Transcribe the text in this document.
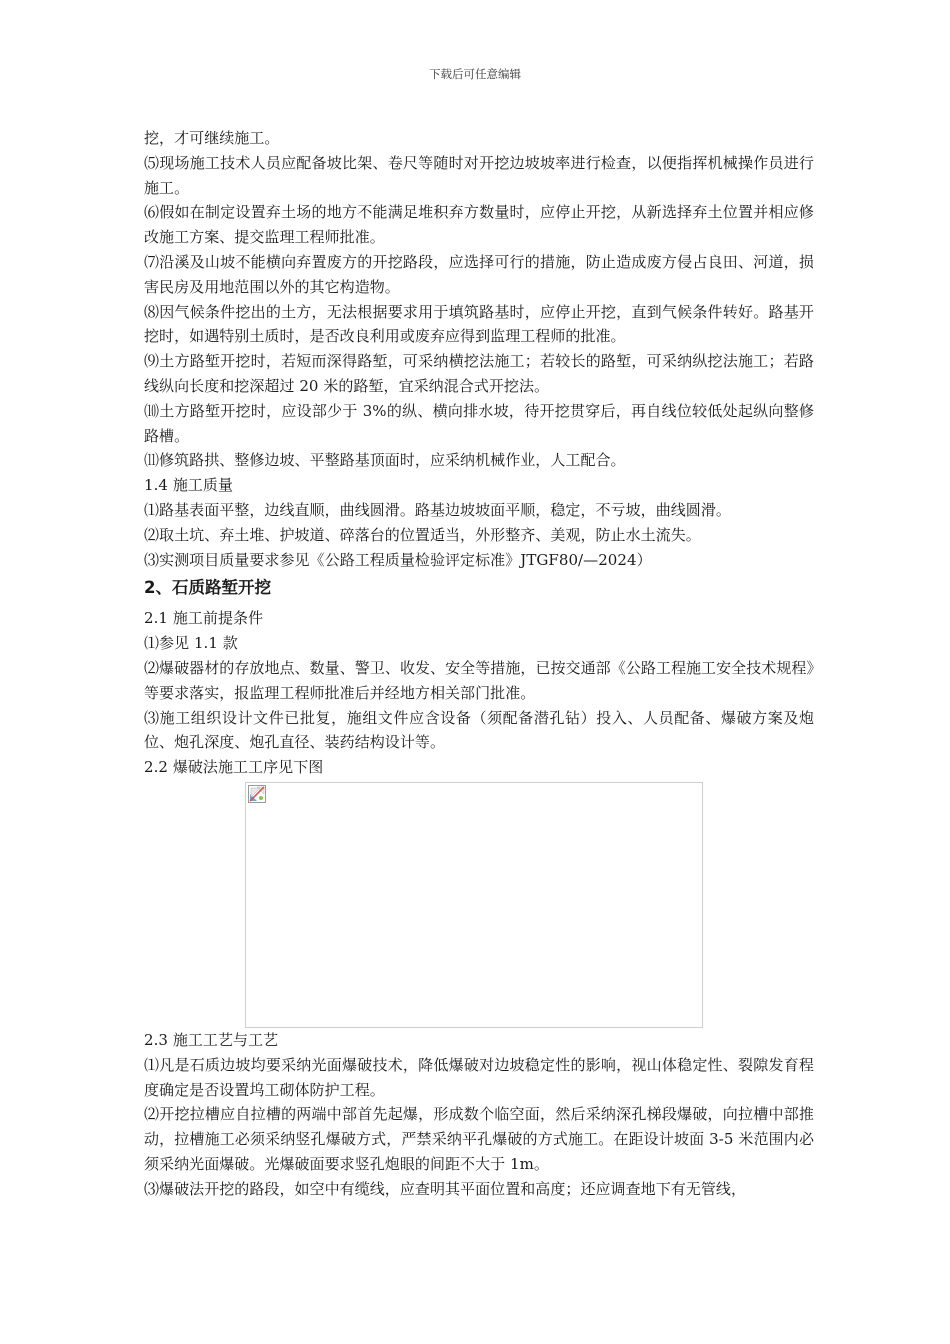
下载后可任意编辑

挖，才可继续施工。

⑸现场施工技术人员应配备坡比架、卷尺等随时对开挖边坡坡率进行检查，以便指挥机械操作员进行施工。

⑹假如在制定设置弃土场的地方不能满足堆积弃方数量时，应停止开挖，从新选择弃土位置并相应修改施工方案、提交监理工程师批准。

⑺沿溪及山坡不能横向弃置废方的开挖路段，应选择可行的措施，防止造成废方侵占良田、河道，损害民房及用地范围以外的其它构造物。

⑻因气候条件挖出的土方，无法根据要求用于填筑路基时，应停止开挖，直到气候条件转好。路基开挖时，如遇特别土质时，是否改良利用或废弃应得到监理工程师的批准。

⑼土方路堑开挖时，若短而深得路堑，可采纳横挖法施工；若较长的路堑，可采纳纵挖法施工；若路线纵向长度和挖深超过 20 米的路堑，宜采纳混合式开挖法。

⑽土方路堑开挖时，应设部少于 3%的纵、横向排水坡，待开挖贯穿后，再自线位较低处起纵向整修路槽。

⑾修筑路拱、整修边坡、平整路基顶面时，应采纳机械作业，人工配合。

1.4 施工质量

⑴路基表面平整，边线直顺，曲线圆滑。路基边坡坡面平顺，稳定，不亏坡，曲线圆滑。

⑵取土坑、弃土堆、护坡道、碎落台的位置适当，外形整齐、美观，防止水土流失。

⑶实测项目质量要求参见《公路工程质量检验评定标准》JTGF80/—2024）

2、石质路堑开挖

2.1 施工前提条件

⑴参见 1.1 款

⑵爆破器材的存放地点、数量、警卫、收发、安全等措施，已按交通部《公路工程施工安全技术规程》等要求落实，报监理工程师批准后并经地方相关部门批准。

⑶施工组织设计文件已批复，施组文件应含设备（须配备潜孔钻）投入、人员配备、爆破方案及炮位、炮孔深度、炮孔直径、装药结构设计等。

2.2 爆破法施工工序见下图

2.3 施工工艺与工艺

⑴凡是石质边坡均要采纳光面爆破技术，降低爆破对边坡稳定性的影响，视山体稳定性、裂隙发育程度确定是否设置坞工砌体防护工程。

⑵开挖拉槽应自拉槽的两端中部首先起爆，形成数个临空面，然后采纳深孔梯段爆破，向拉槽中部推动，拉槽施工必须采纳竖孔爆破方式，严禁采纳平孔爆破的方式施工。在距设计坡面 3-5 米范围内必须采纳光面爆破。光爆破面要求竖孔炮眼的间距不大于 1m。

⑶爆破法开挖的路段，如空中有缆线，应查明其平面位置和高度；还应调查地下有无管线，
